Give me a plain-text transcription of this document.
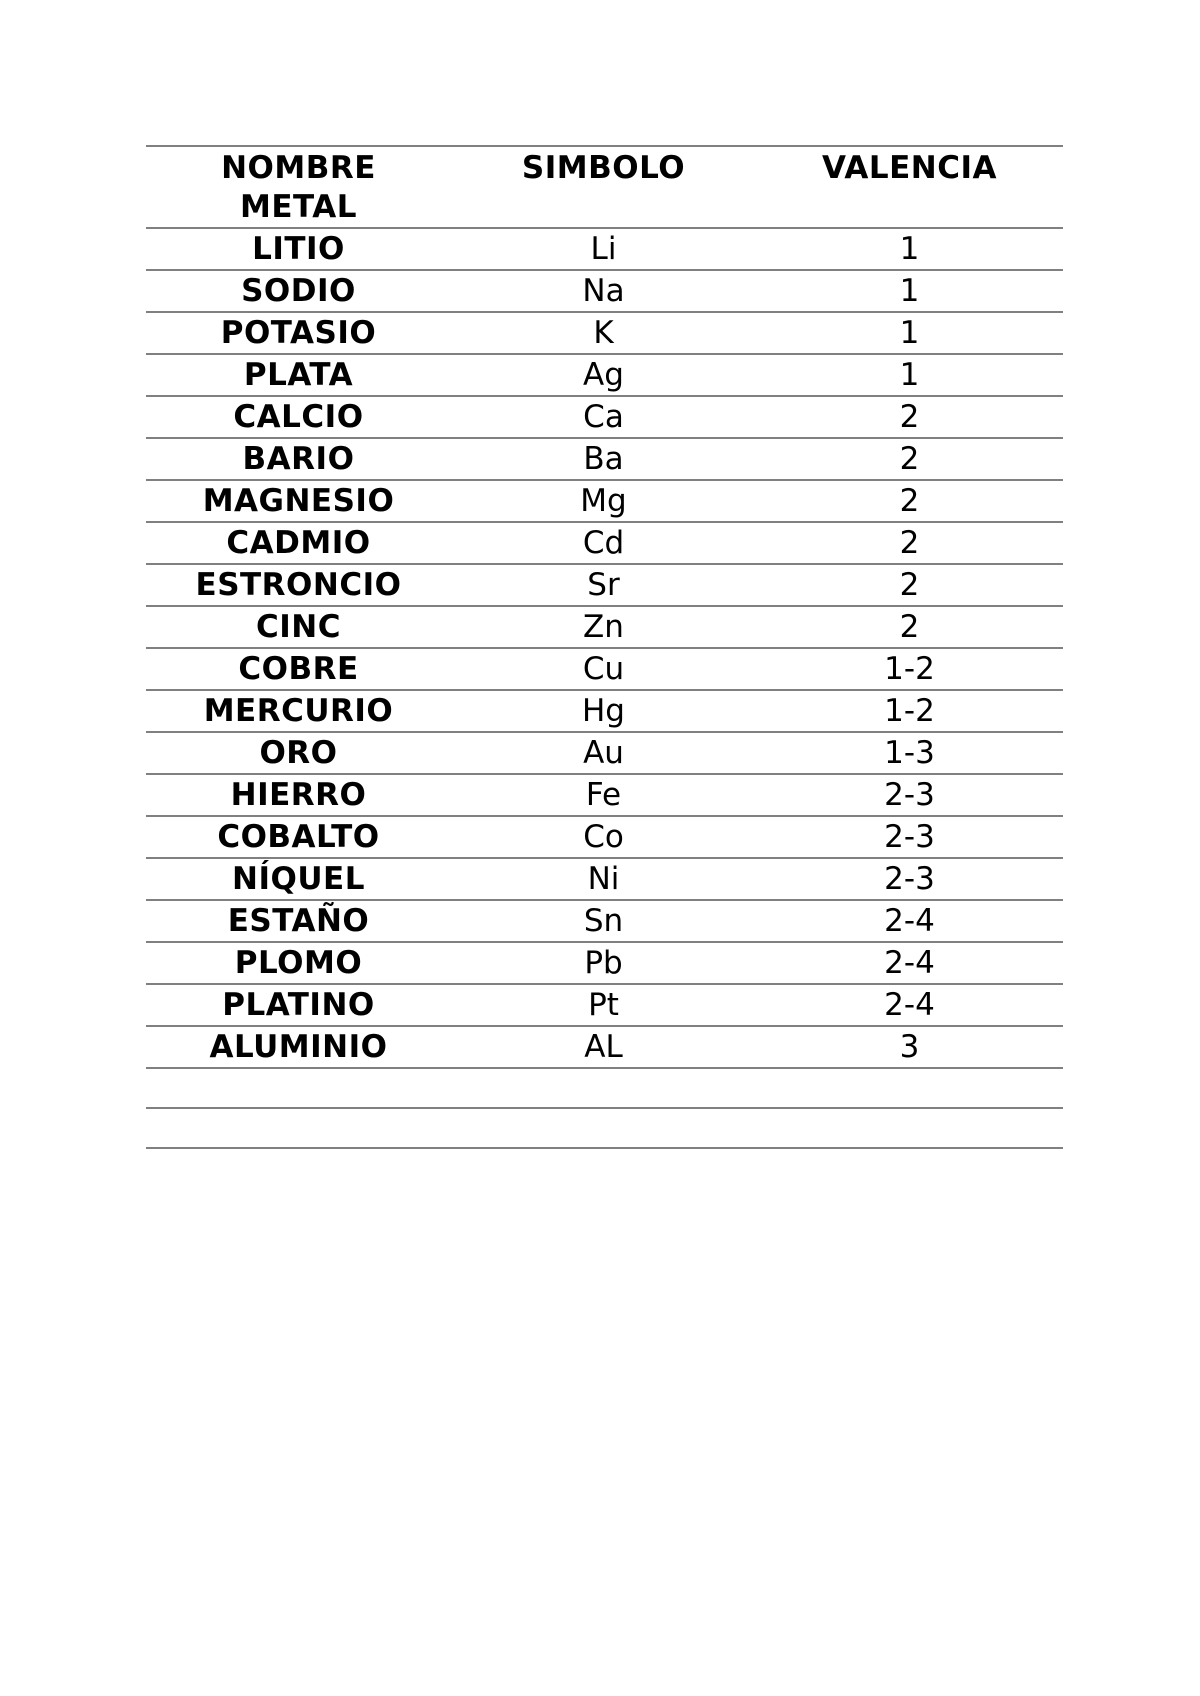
NOMBRE
METAL	SIMBOLO	VALENCIA
LITIO	Li	1
SODIO	Na	1
POTASIO	K	1
PLATA	Ag	1
CALCIO	Ca	2
BARIO	Ba	2
MAGNESIO	Mg	2
CADMIO	Cd	2
ESTRONCIO	Sr	2
CINC	Zn	2
COBRE	Cu	1-2
MERCURIO	Hg	1-2
ORO	Au	1-3
HIERRO	Fe	2-3
COBALTO	Co	2-3
NÍQUEL	Ni	2-3
ESTAÑO	Sn	2-4
PLOMO	Pb	2-4
PLATINO	Pt	2-4
ALUMINIO	AL	3
